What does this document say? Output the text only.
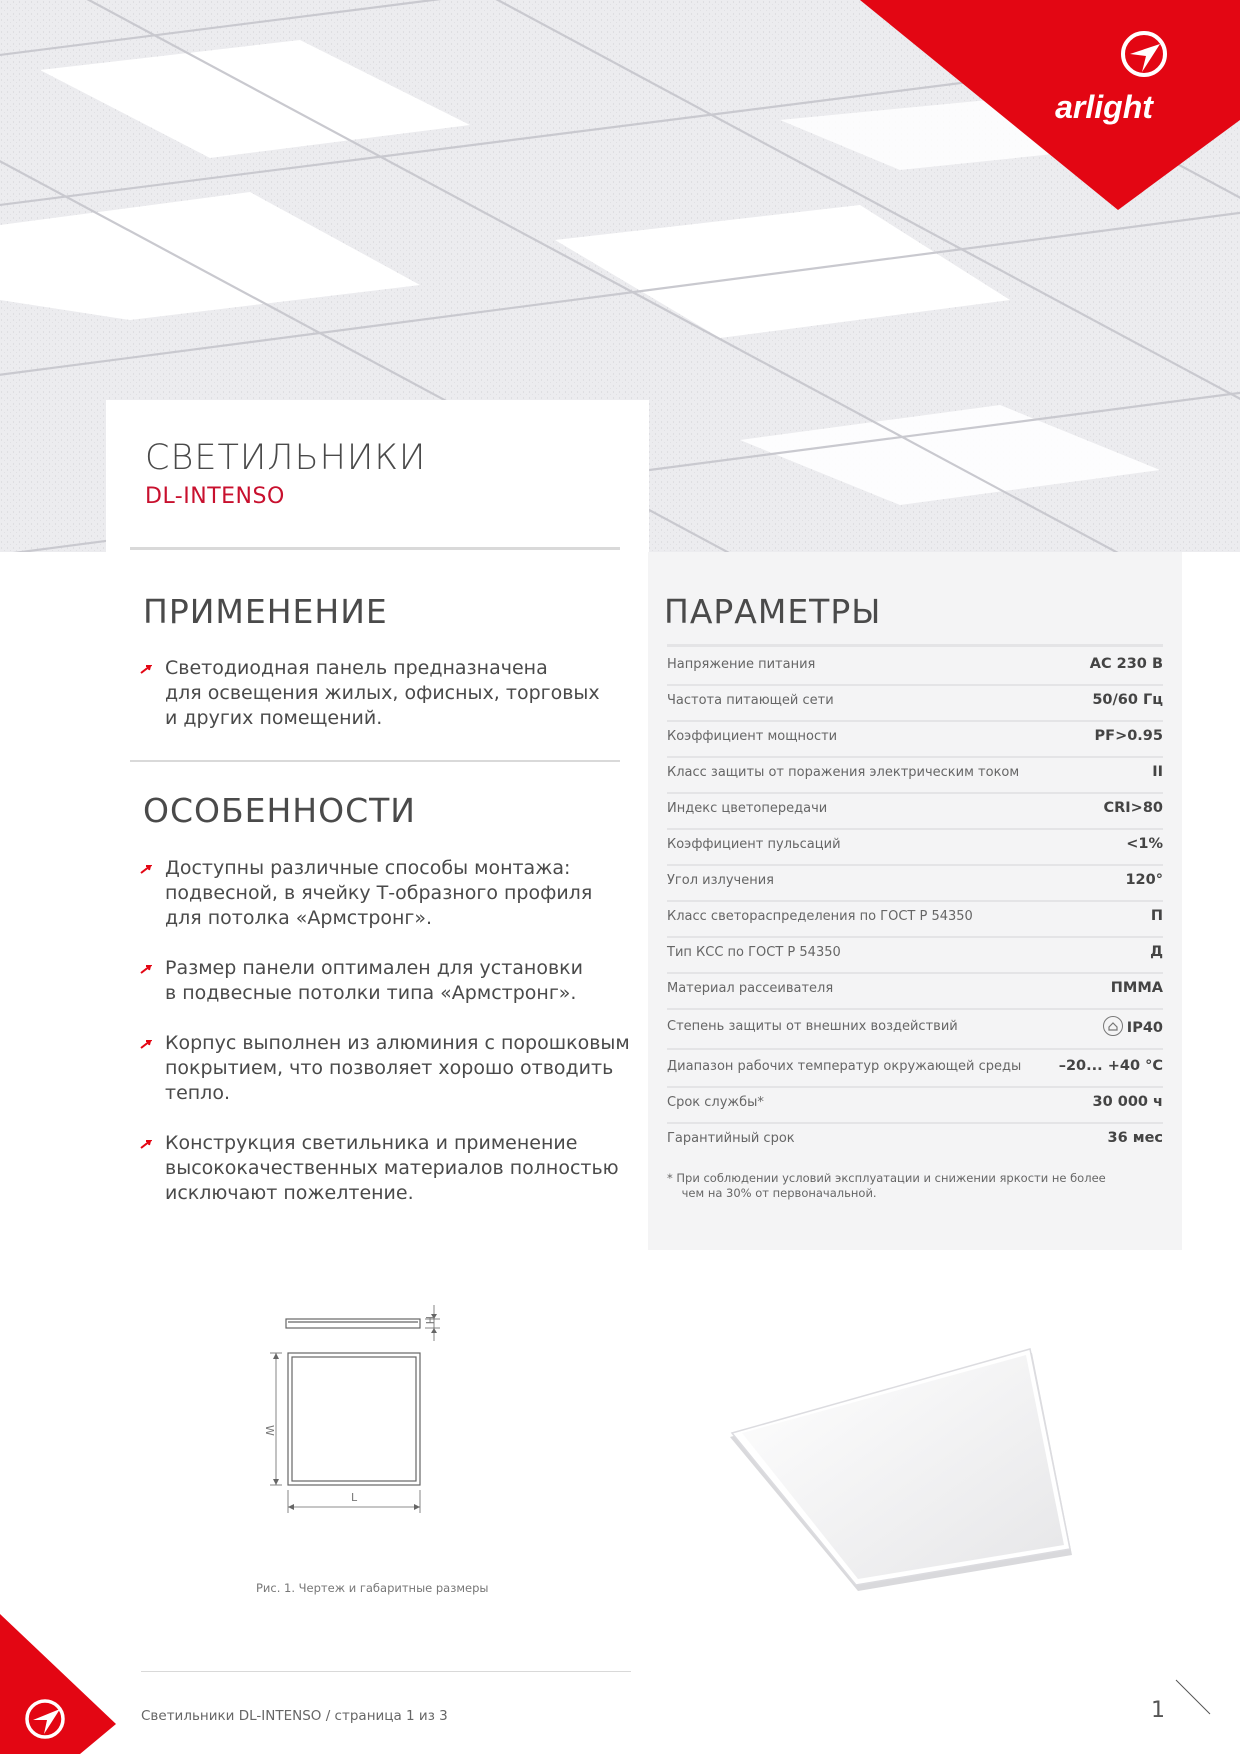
arlight
СВЕТИЛЬНИКИ
DL-INTENSO
ПРИМЕНЕНИЕ
Светодиодная панель предназначена
для освещения жилых, офисных, торговых
и других помещений.
ОСОБЕННОСТИ
Доступны различные способы монтажа:
подвесной, в ячейку Т-образного профиля
для потолка «Армстронг».
Размер панели оптимален для установки
в подвесные потолки типа «Армстронг».
Корпус выполнен из алюминия с порошковым
покрытием, что позволяет хорошо отводить
тепло.
Конструкция светильника и применение
высококачественных материалов полностью
исключают пожелтение.
ПАРАМЕТРЫ
Напряжение питания	AC 230 В
Частота питающей сети	50/60 Гц
Коэффициент мощности	PF>0.95
Класс защиты от поражения электрическим током	II
Индекс цветопередачи	CRI>80
Коэффициент пульсаций	<1%
Угол излучения	120°
Класс светораспределения по ГОСТ Р 54350	П
Тип КСС по ГОСТ Р 54350	Д
Материал рассеивателя	ПММА
Степень защиты от внешних воздействий	IP40
Диапазон рабочих температур окружающей среды	–20... +40 °С
Срок службы*	30 000 ч
Гарантийный срок	36 мес
* При соблюдении условий эксплуатации и снижении яркости не более
чем на 30% от первоначальной.
H
W
L
Рис. 1. Чертеж и габаритные размеры
Светильники DL-INTENSO / страница 1 из 3	1
